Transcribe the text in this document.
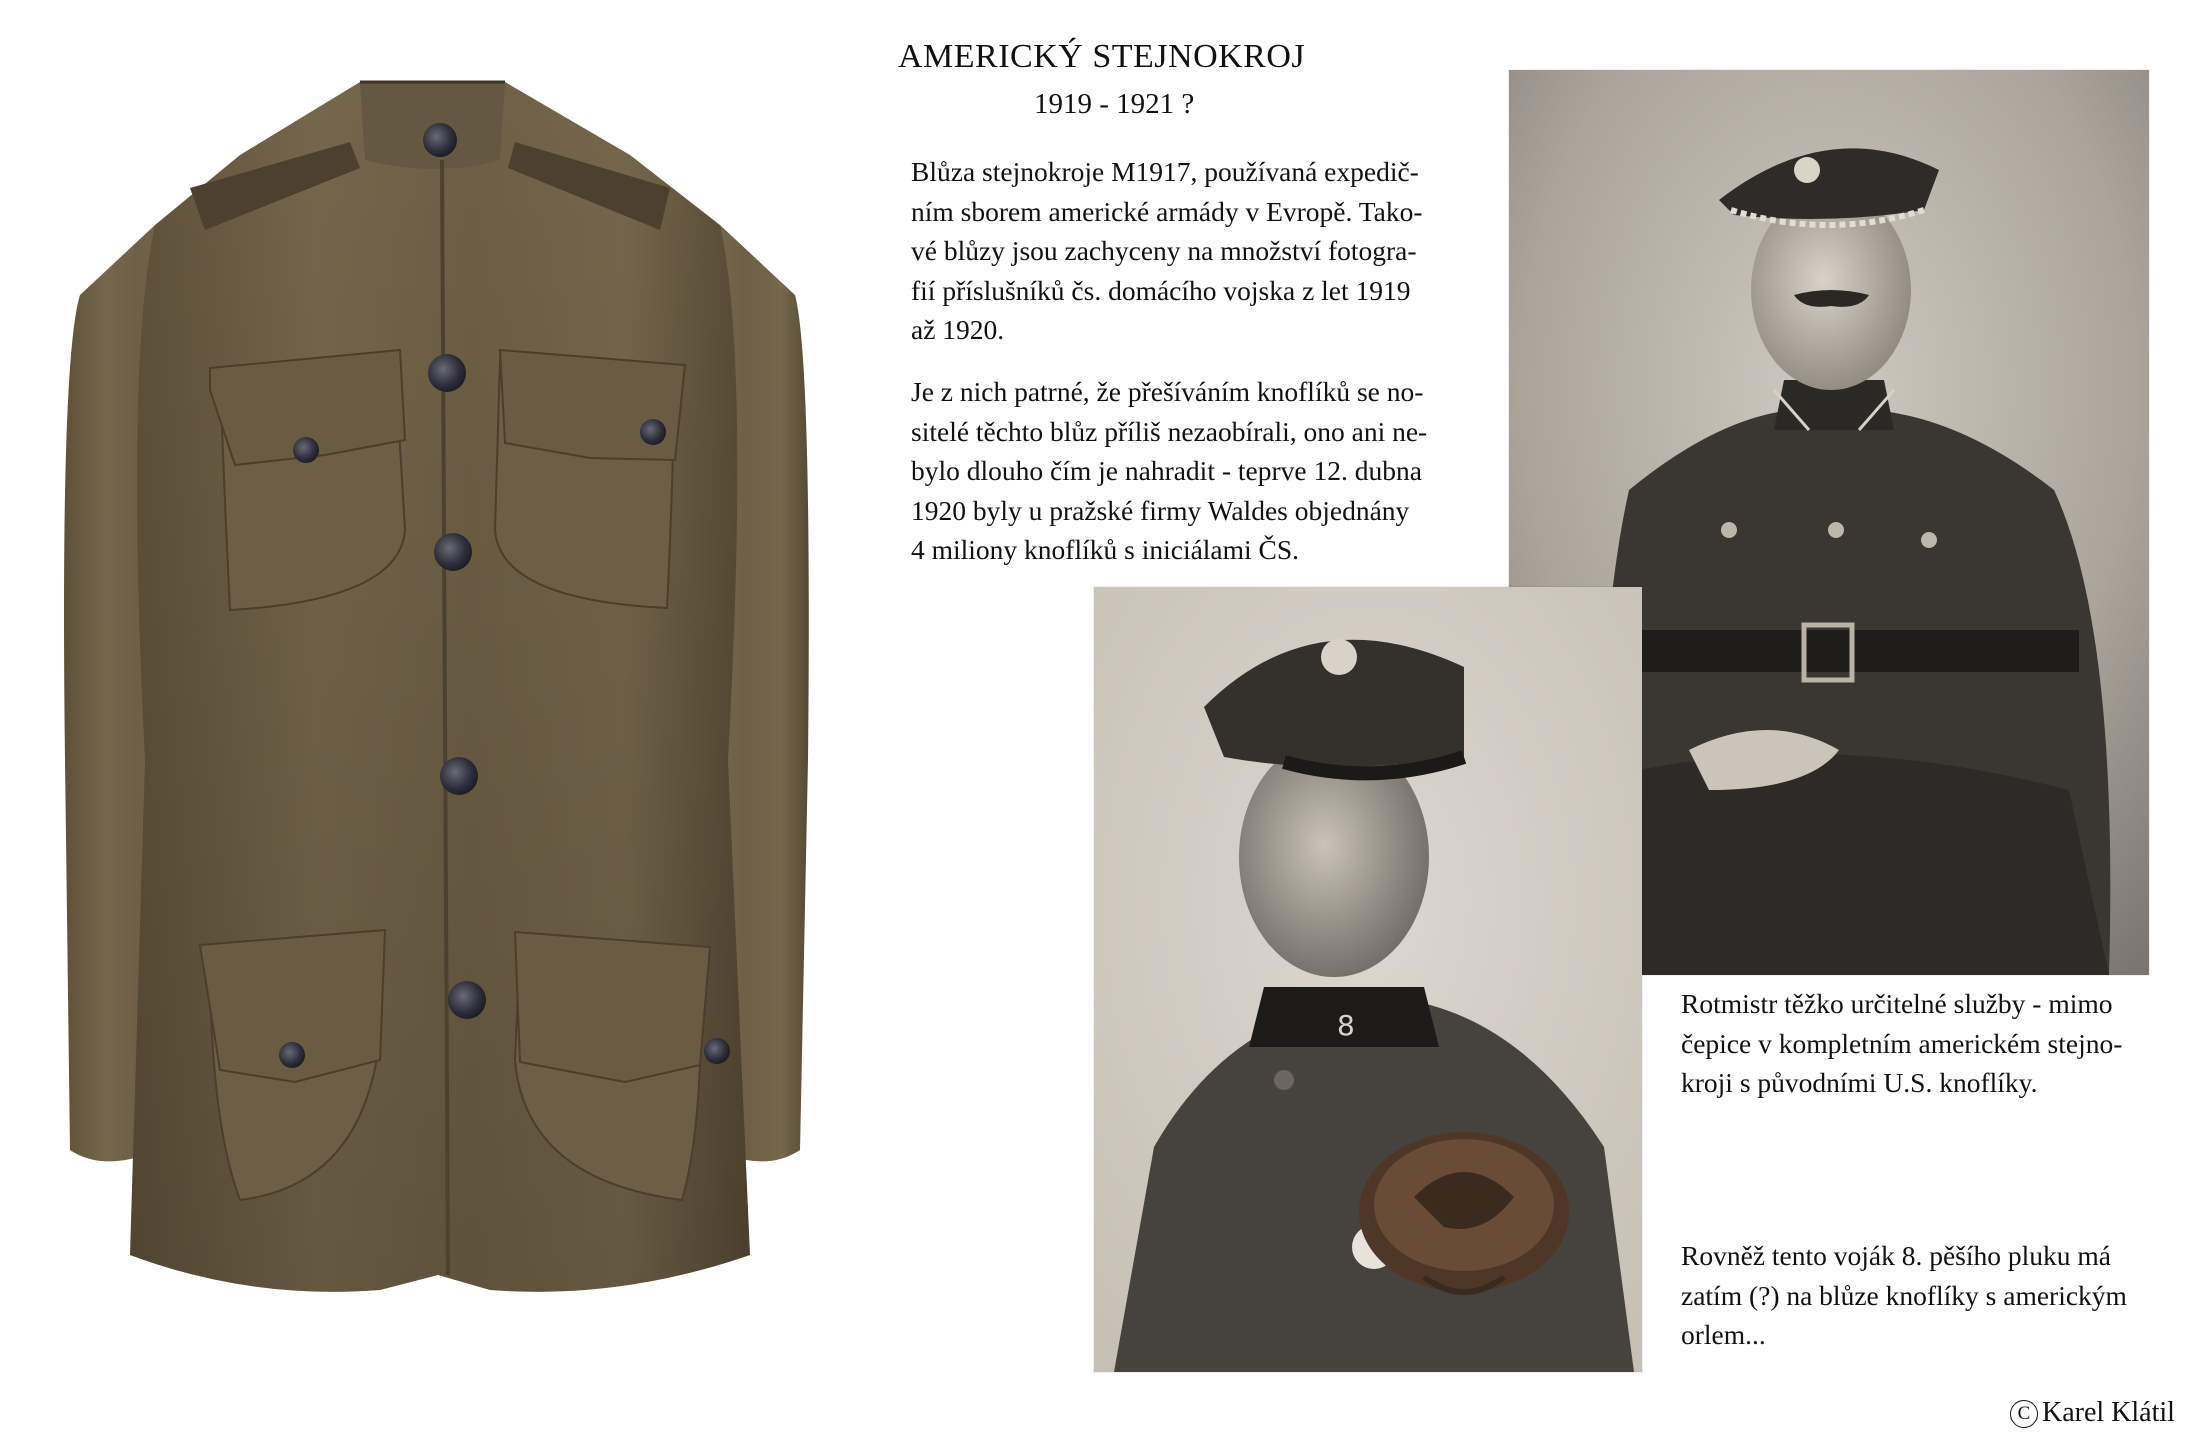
AMERICKÝ STEJNOKROJ
1919 - 1921 ?
Blůza stejnokroje M1917, používaná expedič-
ním sborem americké armády v Evropě. Tako-
vé blůzy jsou zachyceny na množství fotogra-
fií příslušníků čs. domácího vojska z let 1919
až 1920.
Je z nich patrné, že přešíváním knoflíků se no-
sitelé těchto blůz příliš nezaobírali, ono ani ne-
bylo dlouho čím je nahradit - teprve 12. dubna
1920 byly u pražské firmy Waldes objednány
4 miliony knoflíků s iniciálami ČS.
8
Rotmistr těžko určitelné služby - mimo
čepice v kompletním americkém stejno-
kroji s původními U.S. knoflíky.
Rovněž tento voják 8. pěšího pluku má
zatím (?) na blůze knoflíky s americkým
orlem...
C Karel Klátil
